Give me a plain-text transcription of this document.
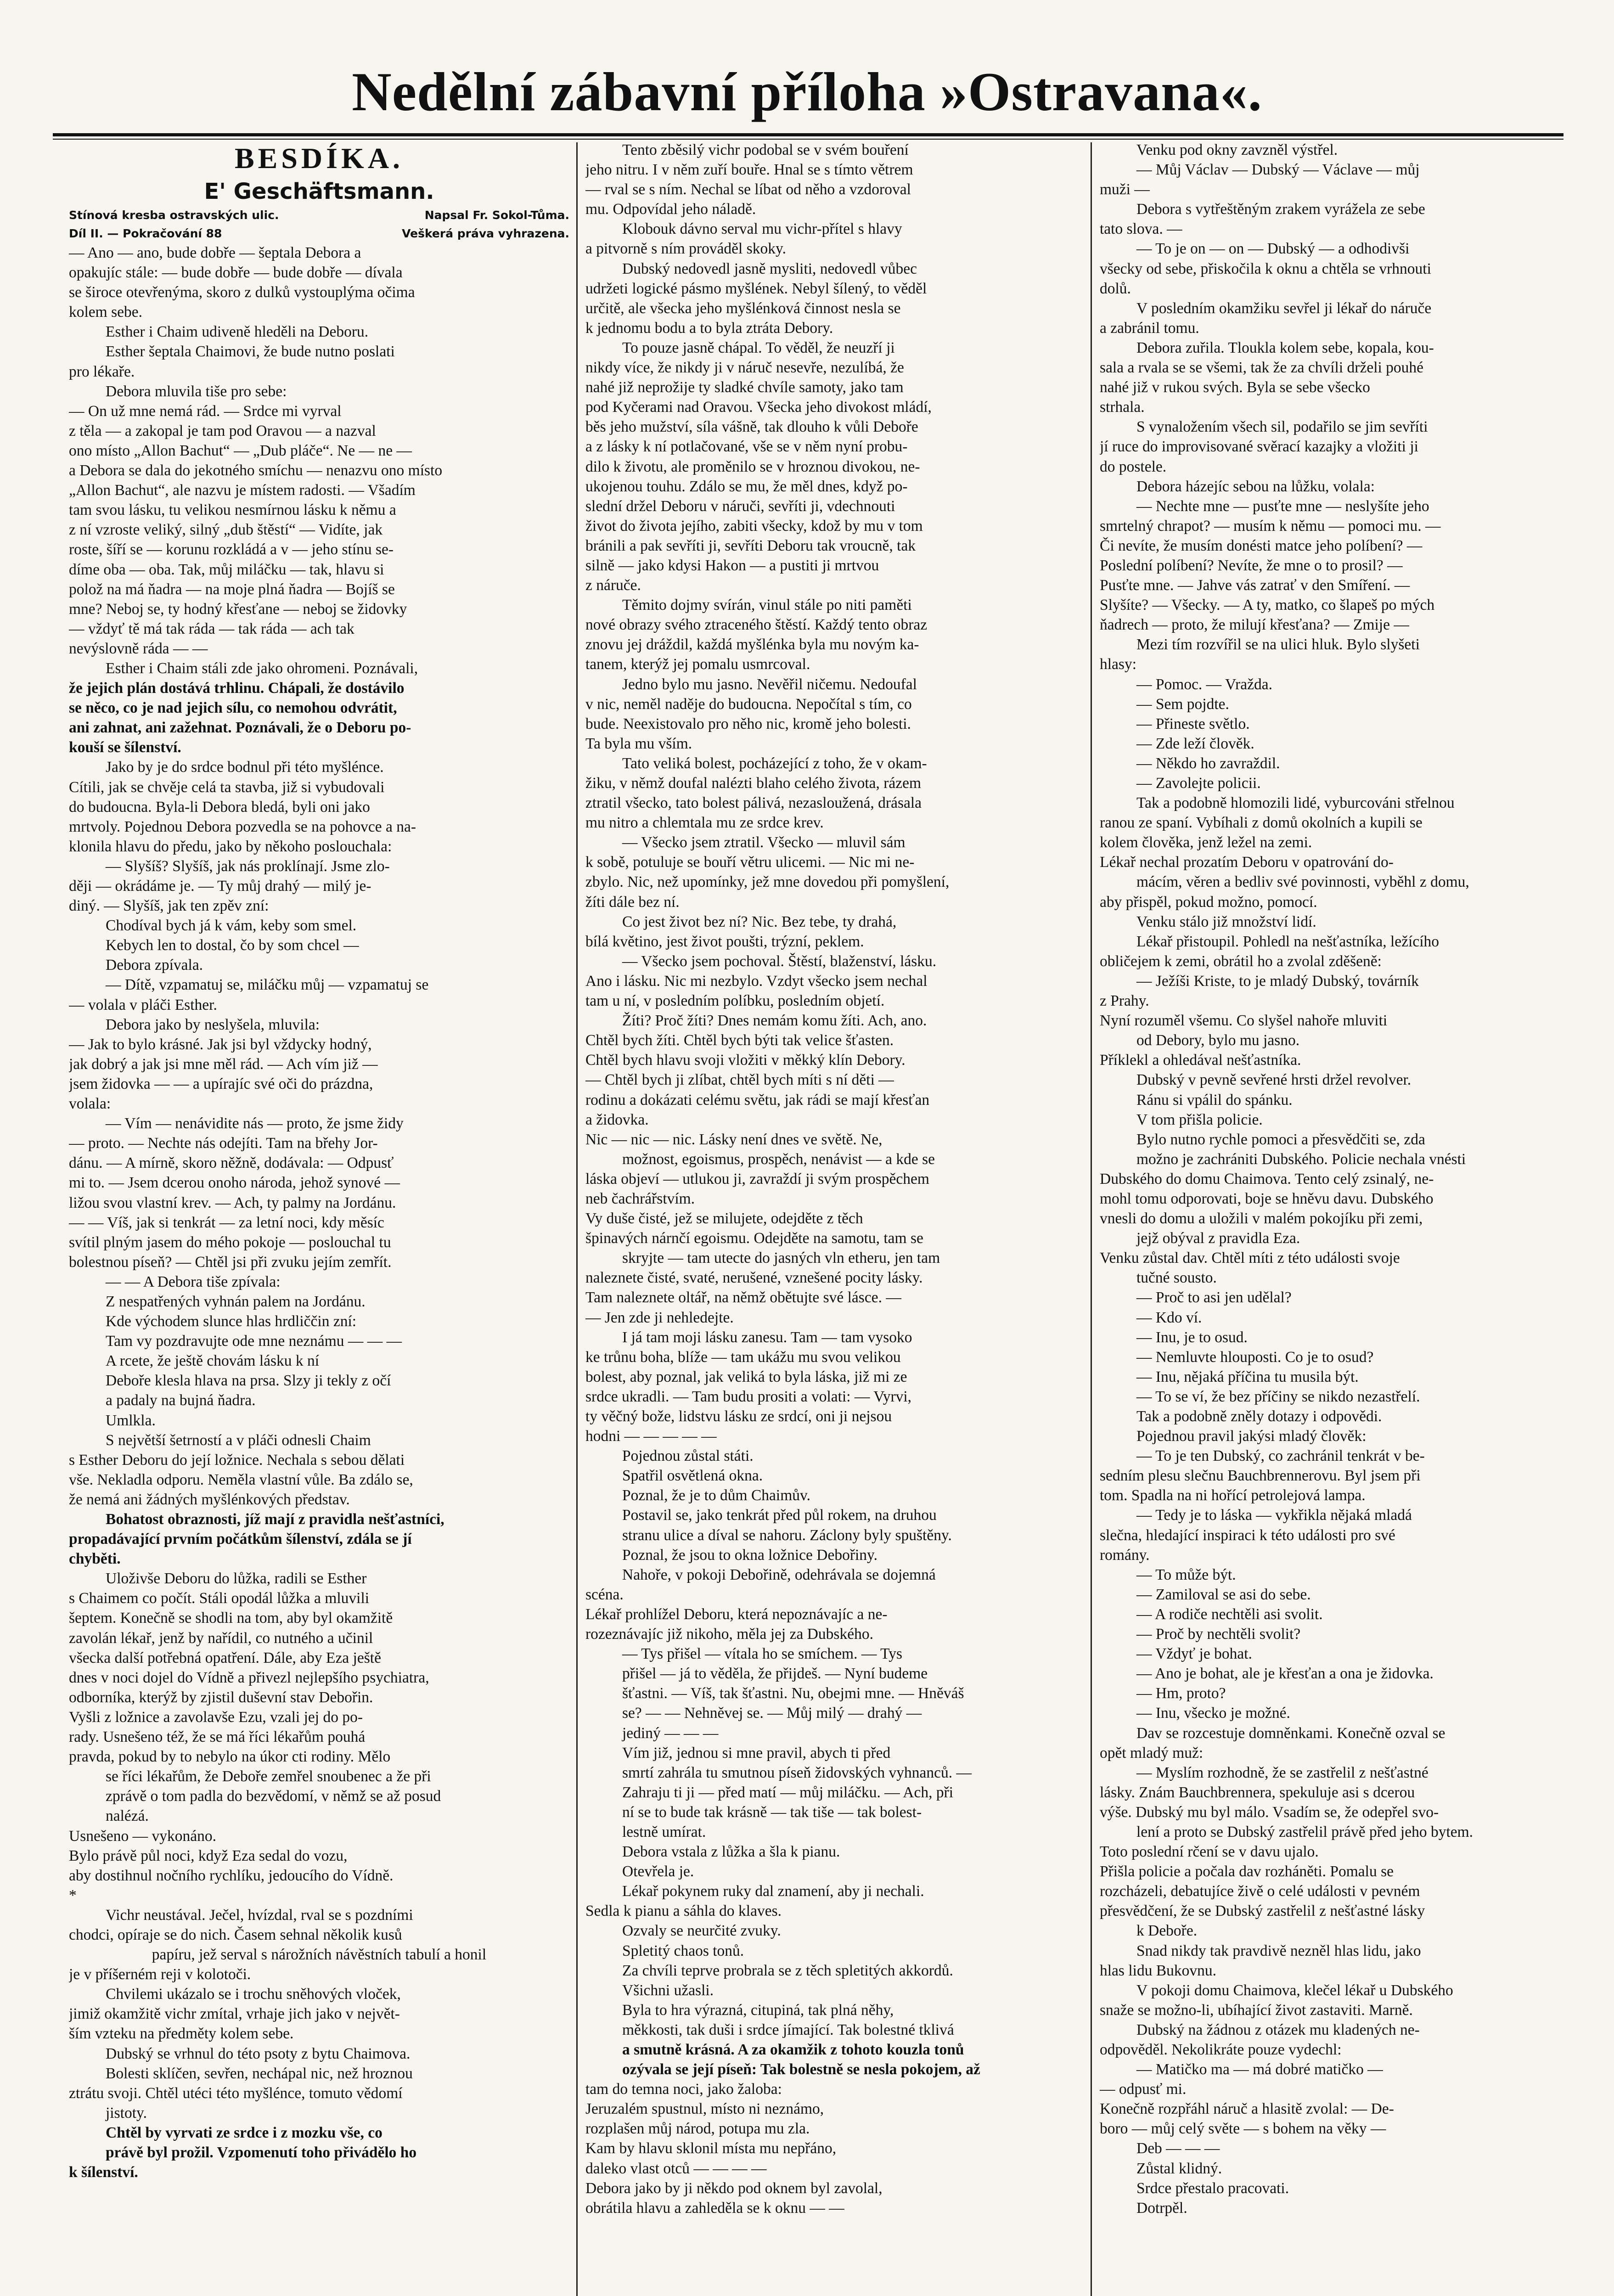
Nedělní zábavní příloha »Ostravana«.
BESDÍKA.
E' Geschäftsmann.
Stínová kresba ostravských ulic.	Napsal Fr. Sokol-Tůma.
Díl II. — Pokračování 88	Veškerá práva vyhrazena.

— Ano — ano, bude dobře — šeptala Debora a

opakujíc stále: — bude dobře — bude dobře — dívala

se široce otevřenýma, skoro z dulků vystouplýma očima

kolem sebe.

Esther i Chaim udiveně hleděli na Deboru.

Esther šeptala Chaimovi, že bude nutno poslati

pro lékaře.

Debora mluvila tiše pro sebe:

— On už mne nemá rád. — Srdce mi vyrval

z těla — a zakopal je tam pod Oravou — a nazval

ono místo „Allon Bachut“ — „Dub pláče“. Ne — ne —

a Debora se dala do jekotného smíchu — nenazvu ono místo

„Allon Bachut“, ale nazvu je místem radosti. — Všadím

tam svou lásku, tu velikou nesmírnou lásku k němu a

z ní vzroste veliký, silný „dub štěstí“ — Vidíte, jak

roste, šíří se — korunu rozkládá a v — jeho stínu se-

díme oba — oba. Tak, můj miláčku — tak, hlavu si

polož na má ňadra — na moje plná ňadra — Bojíš se

mne? Neboj se, ty hodný křesťane — neboj se židovky

— vždyť tě má tak ráda — tak ráda — ach tak

nevýslovně ráda — —

Esther i Chaim stáli zde jako ohromeni. Poznávali,

že jejich plán dostává trhlinu. Chápali, že dostávilo

se něco, co je nad jejich sílu, co nemohou odvrátit,

ani zahnat, ani zažehnat. Poznávali, že o Deboru po-

kouší se šílenství.

Jako by je do srdce bodnul při této myšlénce.

Cítili, jak se chvěje celá ta stavba, již si vybudovali

do budoucna. Byla-li Debora bledá, byli oni jako

mrtvoly. Pojednou Debora pozvedla se na pohovce a na-

klonila hlavu do předu, jako by někoho poslouchala:

— Slyšíš? Slyšíš, jak nás proklínají. Jsme zlo-

ději — okrádáme je. — Ty můj drahý — milý je-

diný. — Slyšíš, jak ten zpěv zní:

Chodíval bych já k vám, keby som smel.

Kebych len to dostal, čo by som chcel —

Debora zpívala.

— Dítě, vzpamatuj se, miláčku můj — vzpamatuj se

— volala v pláči Esther.

Debora jako by neslyšela, mluvila:

— Jak to bylo krásné. Jak jsi byl vždycky hodný,

jak dobrý a jak jsi mne měl rád. — Ach vím již —

jsem židovka — — a upírajíc své oči do prázdna,

volala:

— Vím — nenávidite nás — proto, že jsme židy

— proto. — Nechte nás odejíti. Tam na břehy Jor-

dánu. — A mírně, skoro něžně, dodávala: — Odpusť

mi to. — Jsem dcerou onoho národa, jehož synové —

ližou svou vlastní krev. — Ach, ty palmy na Jordánu.

— — Víš, jak si tenkrát — za letní noci, kdy měsíc

svítil plným jasem do mého pokoje — poslouchal tu

bolestnou píseň? — Chtěl jsi při zvuku jejím zemřít.

— — A Debora tiše zpívala:

Z nespatřených vyhnán palem na Jordánu.

Kde východem slunce hlas hrdliččin zní:

Tam vy pozdravujte ode mne neznámu — — —

A rcete, že ještě chovám lásku k ní

Deboře klesla hlava na prsa. Slzy ji tekly z očí

a padaly na bujná ňadra.

Umlkla.

S největší šetrností a v pláči odnesli Chaim

s Esther Deboru do její ložnice. Nechala s sebou dělati

vše. Nekladla odporu. Neměla vlastní vůle. Ba zdálo se,

že nemá ani žádných myšlénkových představ.

Bohatost obraznosti, jíž mají z pravidla nešťastníci,

propadávající prvním počátkům šílenství, zdála se jí

chyběti.

Uloživše Deboru do lůžka, radili se Esther

s Chaimem co počít. Stáli opodál lůžka a mluvili

šeptem. Konečně se shodli na tom, aby byl okamžitě

zavolán lékař, jenž by nařídil, co nutného a učinil

všecka další potřebná opatření. Dále, aby Eza ještě

dnes v noci dojel do Vídně a přivezl nejlepšího psychiatra,

odborníka, kterýž by zjistil duševní stav Debořin.

Vyšli z ložnice a zavolavše Ezu, vzali jej do po-

rady. Usnešeno též, že se má říci lékařům pouhá

pravda, pokud by to nebylo na úkor cti rodiny. Mělo

se říci lékařům, že Deboře zemřel snoubenec a že při

zprávě o tom padla do bezvědomí, v němž se až posud

nalézá.

Usnešeno — vykonáno.

Bylo právě půl noci, když Eza sedal do vozu,

aby dostihnul nočního rychlíku, jedoucího do Vídně.

*

Vichr neustával. Ječel, hvízdal, rval se s pozdními

chodci, opíraje se do nich. Časem sehnal několik kusů

papíru, jež serval s nárožních návěstních tabulí a honil

je v příšerném reji v kolotoči.

Chvilemi ukázalo se i trochu sněhových vloček,

jimiž okamžitě vichr zmítal, vrhaje jich jako v největ-

ším vzteku na předměty kolem sebe.

Dubský se vrhnul do této psoty z bytu Chaimova.

Bolesti sklíčen, sevřen, nechápal nic, než hroznou

ztrátu svoji. Chtěl utéci této myšlénce, tomuto vědomí

jistoty.

Chtěl by vyrvati ze srdce i z mozku vše, co

právě byl prožil. Vzpomenutí toho přivádělo ho

k šílenství.

Tento zběsilý vichr podobal se v svém bouření

jeho nitru. I v něm zuří bouře. Hnal se s tímto větrem

— rval se s ním. Nechal se líbat od něho a vzdoroval

mu. Odpovídal jeho náladě.

Klobouk dávno serval mu vichr-přítel s hlavy

a pitvorně s ním prováděl skoky.

Dubský nedovedl jasně mysliti, nedovedl vůbec

udržeti logické pásmo myšlének. Nebyl šílený, to věděl

určitě, ale všecka jeho myšlénková činnost nesla se

k jednomu bodu a to byla ztráta Debory.

To pouze jasně chápal. To věděl, že neuzří ji

nikdy více, že nikdy ji v náruč nesevře, nezulíbá, že

nahé již neprožije ty sladké chvíle samoty, jako tam

pod Kyčerami nad Oravou. Všecka jeho divokost mládí,

běs jeho mužství, síla vášně, tak dlouho k vůli Deboře

a z lásky k ní potlačované, vše se v něm nyní probu-

dilo k životu, ale proměnilo se v hroznou divokou, ne-

ukojenou touhu. Zdálo se mu, že měl dnes, když po-

slední držel Deboru v náruči, sevříti ji, vdechnouti

život do života jejího, zabiti všecky, kdož by mu v tom

bránili a pak sevříti ji, sevříti Deboru tak vroucně, tak

silně — jako kdysi Hakon — a pustiti ji mrtvou

z náruče.

Těmito dojmy svírán, vinul stále po niti paměti

nové obrazy svého ztraceného štěstí. Každý tento obraz

znovu jej dráždil, každá myšlénka byla mu novým ka-

tanem, kterýž jej pomalu usmrcoval.

Jedno bylo mu jasno. Nevěřil ničemu. Nedoufal

v nic, neměl naděje do budoucna. Nepočítal s tím, co

bude. Neexistovalo pro něho nic, kromě jeho bolesti.

Ta byla mu vším.

Tato veliká bolest, pocházející z toho, že v okam-

žiku, v němž doufal nalézti blaho celého života, rázem

ztratil všecko, tato bolest pálivá, nezasloužená, drásala

mu nitro a chlemtala mu ze srdce krev.

— Všecko jsem ztratil. Všecko — mluvil sám

k sobě, potuluje se bouří větru ulicemi. — Nic mi ne-

zbylo. Nic, než upomínky, jež mne dovedou při pomyšlení,

žíti dále bez ní.

Co jest život bez ní? Nic. Bez tebe, ty drahá,

bílá květino, jest život poušti, trýzní, peklem.

— Všecko jsem pochoval. Štěstí, blaženství, lásku.

Ano i lásku. Nic mi nezbylo. Vzdyt všecko jsem nechal

tam u ní, v posledním políbku, posledním objetí.

Žíti? Proč žíti? Dnes nemám komu žíti. Ach, ano.

Chtěl bych žíti. Chtěl bych býti tak velice šťasten.

Chtěl bych hlavu svoji vložiti v měkký klín Debory.

— Chtěl bych ji zlíbat, chtěl bych míti s ní děti —

rodinu a dokázati celému světu, jak rádi se mají křesťan

a židovka.

Nic — nic — nic. Lásky není dnes ve světě. Ne,

možnost, egoismus, prospěch, nenávist — a kde se

láska objeví — utlukou ji, zavraždí ji svým prospěchem

neb čachrářstvím.

Vy duše čisté, jež se milujete, odejděte z těch

špinavých nárnčí egoismu. Odejděte na samotu, tam se

skryjte — tam utecte do jasných vln etheru, jen tam

naleznete čisté, svaté, nerušené, vznešené pocity lásky.

Tam naleznete oltář, na němž obětujte své lásce. —

— Jen zde ji nehledejte.

I já tam moji lásku zanesu. Tam — tam vysoko

ke trůnu boha, blíže — tam ukážu mu svou velikou

bolest, aby poznal, jak veliká to byla láska, již mi ze

srdce ukradli. — Tam budu prositi a volati: — Vyrvi,

ty věčný bože, lidstvu lásku ze srdcí, oni ji nejsou

hodni — — — — —

Pojednou zůstal státi.

Spatřil osvětlená okna.

Poznal, že je to dům Chaimův.

Postavil se, jako tenkrát před půl rokem, na druhou

stranu ulice a díval se nahoru. Záclony byly spuštěny.

Poznal, že jsou to okna ložnice Debořiny.

Nahoře, v pokoji Debořině, odehrávala se dojemná

scéna.

Lékař prohlížel Deboru, která nepoznávajíc a ne-

rozeznávajíc již nikoho, měla jej za Dubského.

— Tys přišel — vítala ho se smíchem. — Tys

přišel — já to věděla, že přijdeš. — Nyní budeme

šťastni. — Víš, tak šťastni. Nu, obejmi mne. — Hněváš

se? — — Nehněvej se. — Můj milý — drahý —

jediný — — —

Vím již, jednou si mne pravil, abych ti před

smrtí zahrála tu smutnou píseň židovských vyhnanců. —

Zahraju ti ji — před matí — můj miláčku. — Ach, při

ní se to bude tak krásně — tak tiše — tak bolest-

lestně umírat.

Debora vstala z lůžka a šla k pianu.

Otevřela je.

Lékař pokynem ruky dal znamení, aby ji nechali.

Sedla k pianu a sáhla do klaves.

Ozvaly se neurčité zvuky.

Spletitý chaos tonů.

Za chvíli teprve probrala se z těch spletitých akkordů.

Všichni užasli.

Byla to hra výrazná, citupiná, tak plná něhy,

měkkosti, tak duši i srdce jímající. Tak bolestné tklivá

a smutně krásná. A za okamžik z tohoto kouzla tonů

ozývala se její píseň: Tak bolestně se nesla pokojem, až

tam do temna noci, jako žaloba:

Jeruzalém spustnul, místo ni neznámo,

rozplašen můj národ, potupa mu zla.

Kam by hlavu sklonil místa mu nepřáno,

daleko vlast otců — — — —

Debora jako by ji někdo pod oknem byl zavolal,

obrátila hlavu a zahleděla se k oknu — —

Venku pod okny zavzněl výstřel.

— Můj Václav — Dubský — Václave — můj

muži —

Debora s vytřeštěným zrakem vyrážela ze sebe

tato slova. —

— To je on — on — Dubský — a odhodivši

všecky od sebe, přiskočila k oknu a chtěla se vrhnouti

dolů.

V posledním okamžiku sevřel ji lékař do náruče

a zabránil tomu.

Debora zuřila. Tloukla kolem sebe, kopala, kou-

sala a rvala se se všemi, tak že za chvíli drželi pouhé

nahé již v rukou svých. Byla se sebe všecko

strhala.

S vynaložením všech sil, podařilo se jim sevříti

jí ruce do improvisované svěrací kazajky a vložiti ji

do postele.

Debora házejíc sebou na lůžku, volala:

— Nechte mne — pusťte mne — neslyšíte jeho

smrtelný chrapot? — musím k němu — pomoci mu. —

Či nevíte, že musím donésti matce jeho políbení? —

Poslední políbení? Nevíte, že mne o to prosil? —

Pusťte mne. — Jahve vás zatrať v den Smíření. —

Slyšíte? — Všecky. — A ty, matko, co šlapeš po mých

ňadrech — proto, že milují křesťana? — Zmije —

Mezi tím rozvířil se na ulici hluk. Bylo slyšeti

hlasy:

— Pomoc. — Vražda.

— Sem pojdte.

— Přineste světlo.

— Zde leží člověk.

— Někdo ho zavraždil.

— Zavolejte policii.

Tak a podobně hlomozili lidé, vyburcováni střelnou

ranou ze spaní. Vybíhali z domů okolních a kupili se

kolem člověka, jenž ležel na zemi.

Lékař nechal prozatím Deboru v opatrování do-

mácím, věren a bedliv své povinnosti, vyběhl z domu,

aby přispěl, pokud možno, pomocí.

Venku stálo již množství lidí.

Lékař přistoupil. Pohledl na nešťastníka, ležícího

obličejem k zemi, obrátil ho a zvolal zděšeně:

— Ježíši Kriste, to je mladý Dubský, továrník

z Prahy.

Nyní rozuměl všemu. Co slyšel nahoře mluviti

od Debory, bylo mu jasno.

Příklekl a ohledával nešťastníka.

Dubský v pevně sevřené hrsti držel revolver.

Ránu si vpálil do spánku.

V tom přišla policie.

Bylo nutno rychle pomoci a přesvědčiti se, zda

možno je zachrániti Dubského. Policie nechala vnésti

Dubského do domu Chaimova. Tento celý zsinalý, ne-

mohl tomu odporovati, boje se hněvu davu. Dubského

vnesli do domu a uložili v malém pokojíku při zemi,

jejž obýval z pravidla Eza.

Venku zůstal dav. Chtěl míti z této události svoje

tučné sousto.

— Proč to asi jen udělal?

— Kdo ví.

— Inu, je to osud.

— Nemluvte hlouposti. Co je to osud?

— Inu, nějaká příčina tu musila být.

— To se ví, že bez příčiny se nikdo nezastřelí.

Tak a podobně zněly dotazy i odpovědi.

Pojednou pravil jakýsi mladý člověk:

— To je ten Dubský, co zachránil tenkrát v be-

sedním plesu slečnu Bauchbrennerovu. Byl jsem při

tom. Spadla na ni hořící petrolejová lampa.

— Tedy je to láska — vykřikla nějaká mladá

slečna, hledající inspiraci k této události pro své

romány.

— To může být.

— Zamiloval se asi do sebe.

— A rodiče nechtěli asi svolit.

— Proč by nechtěli svolit?

— Vždyť je bohat.

— Ano je bohat, ale je křesťan a ona je židovka.

— Hm, proto?

— Inu, všecko je možné.

Dav se rozcestuje domněnkami. Konečně ozval se

opět mladý muž:

— Myslím rozhodně, že se zastřelil z nešťastné

lásky. Znám Bauchbrennera, spekuluje asi s dcerou

výše. Dubský mu byl málo. Vsadím se, že odepřel svo-

lení a proto se Dubský zastřelil právě před jeho bytem.

Toto poslední rčení se v davu ujalo.

Přišla policie a počala dav rozháněti. Pomalu se

rozcházeli, debatujíce živě o celé události v pevném

přesvědčení, že se Dubský zastřelil z nešťastné lásky

k Deboře.

Snad nikdy tak pravdivě nezněl hlas lidu, jako

hlas lidu Bukovnu.

V pokoji domu Chaimova, klečel lékař u Dubského

snaže se možno-li, ubíhající život zastaviti. Marně.

Dubský na žádnou z otázek mu kladených ne-

odpověděl. Nekolikráte pouze vydechl:

— Matičko ma — má dobré matičko —

— odpusť mi.

Konečně rozpřáhl náruč a hlasitě zvolal: — De-

boro — můj celý světe — s bohem na věky —

Deb — — —

Zůstal klidný.

Srdce přestalo pracovati.

Dotrpěl.
